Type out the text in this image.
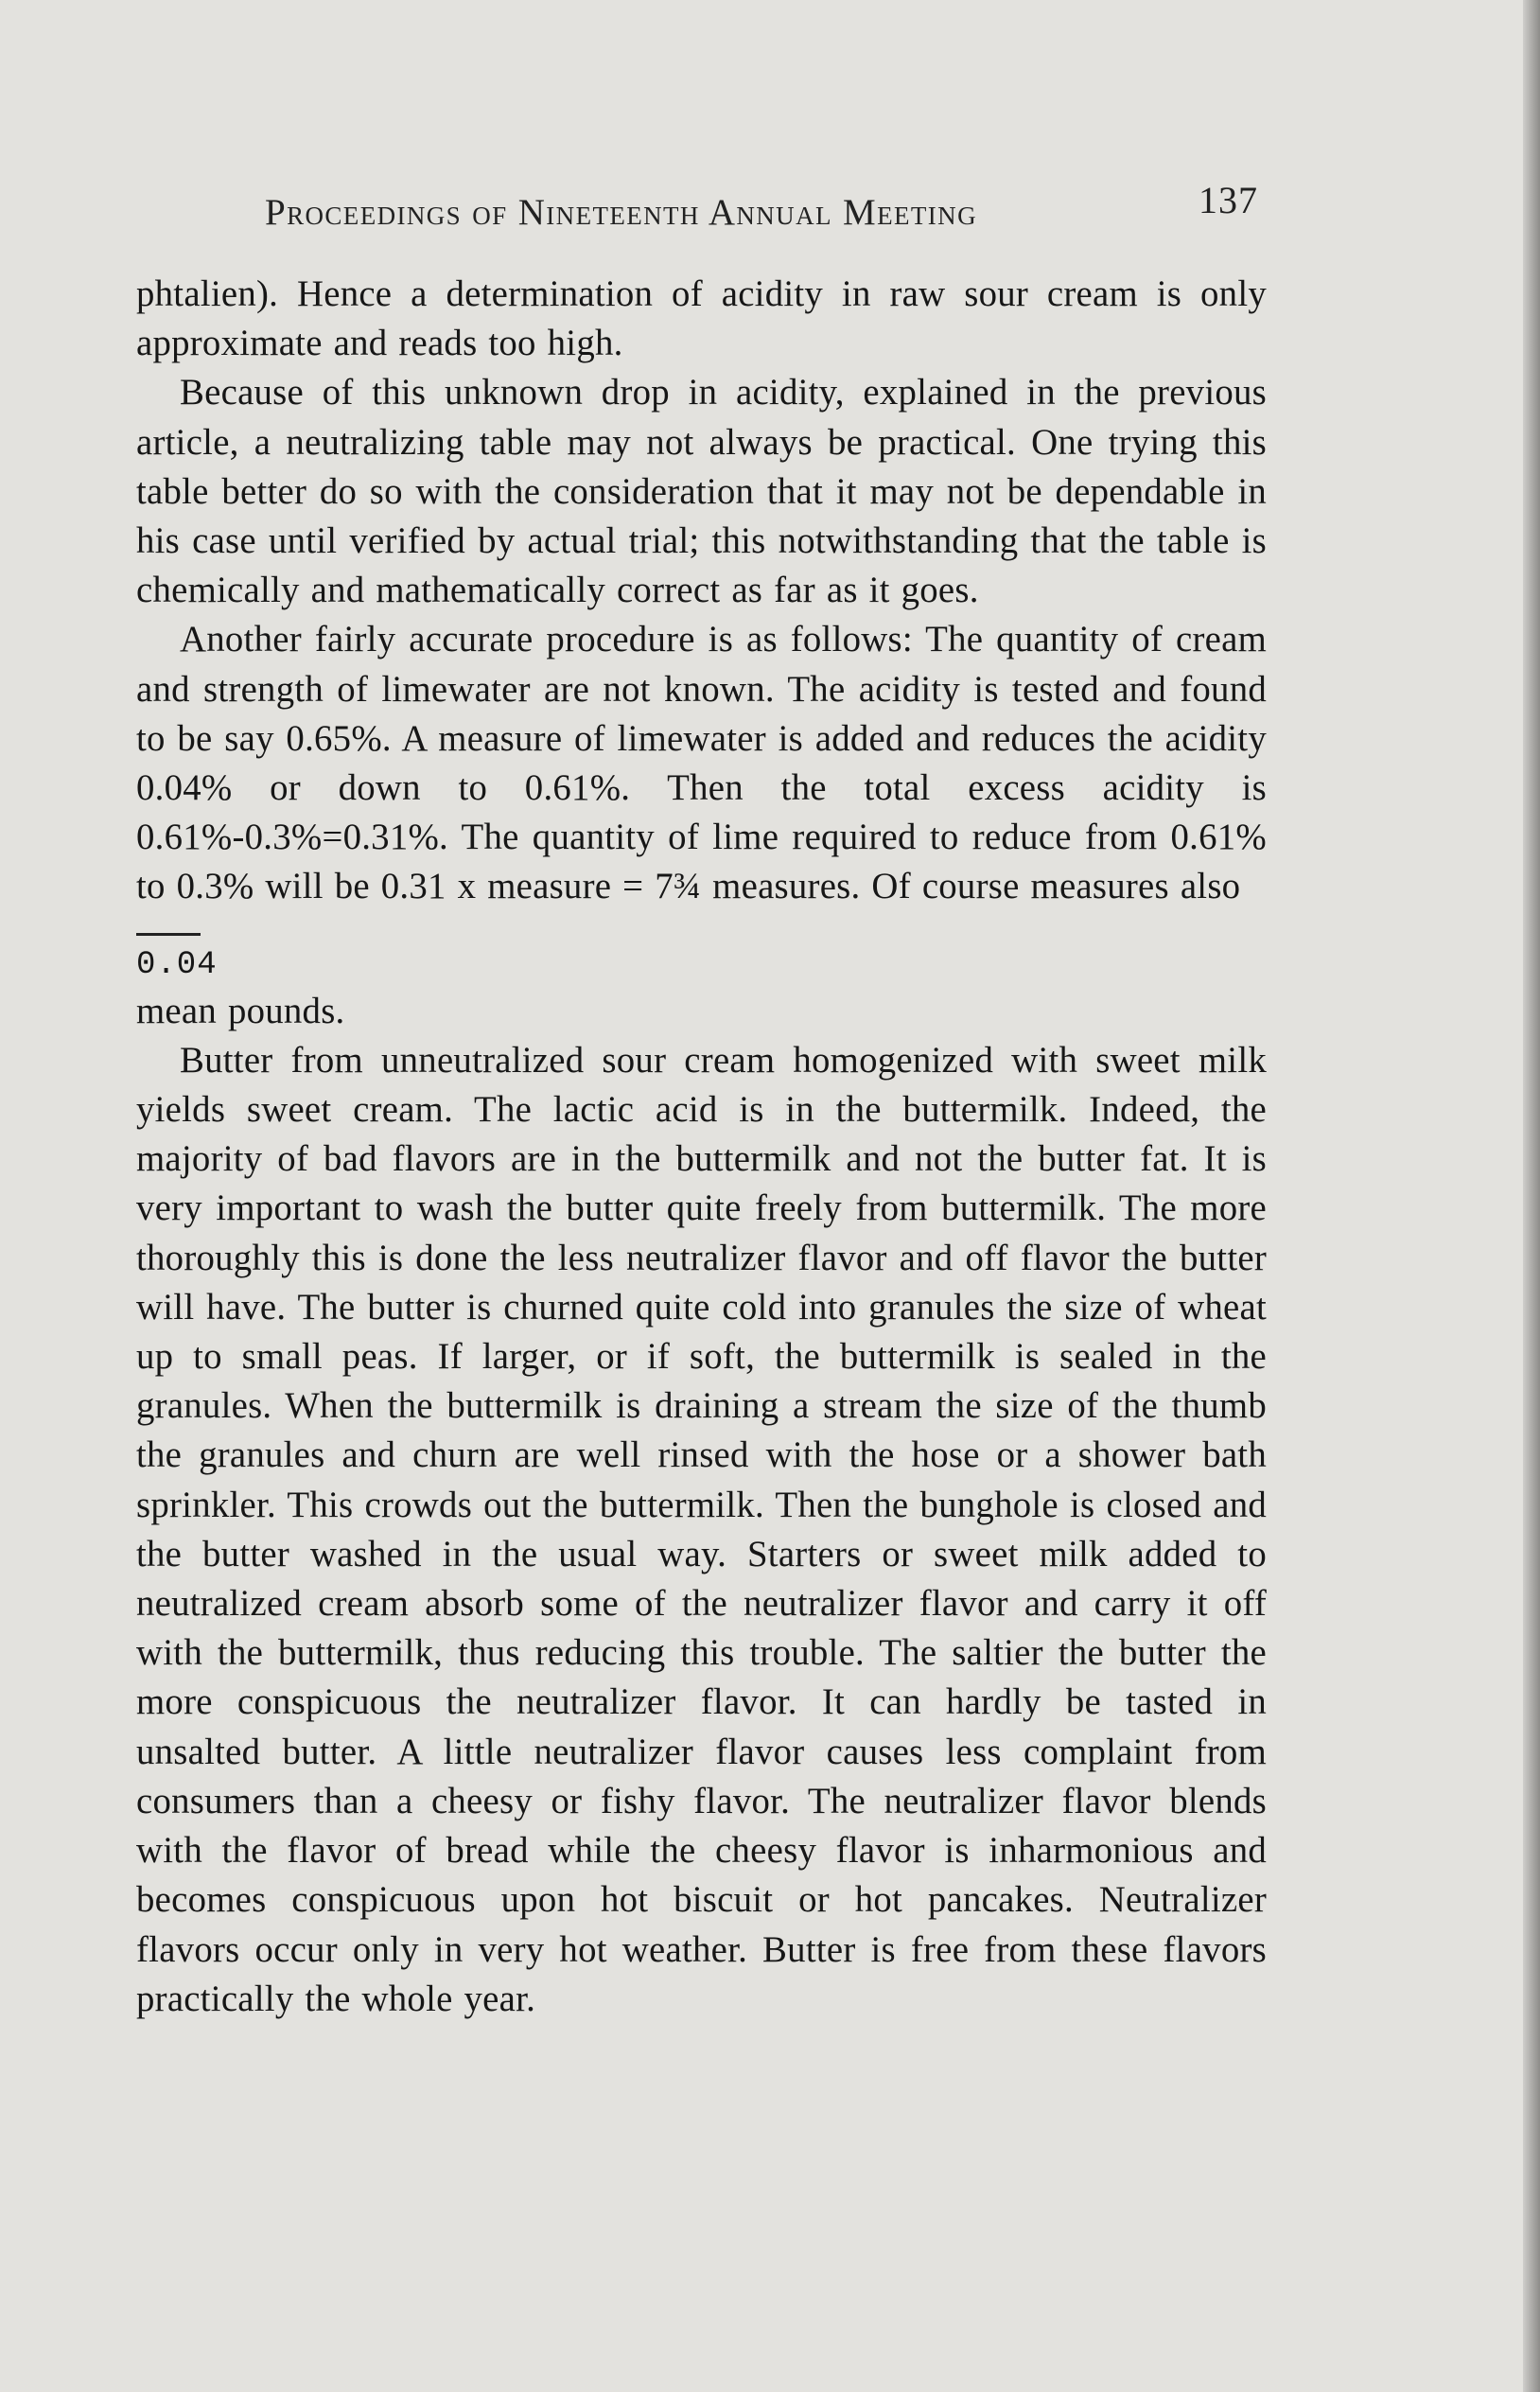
Proceedings of Nineteenth Annual Meeting	137

phtalien). Hence a determination of acidity in raw sour cream is only approximate and reads too high.

Because of this unknown drop in acidity, explained in the previous article, a neutralizing table may not always be practical. One trying this table better do so with the consideration that it may not be dependable in his case until verified by actual trial; this notwithstanding that the table is chemically and mathematically correct as far as it goes.

Another fairly accurate procedure is as follows: The quantity of cream and strength of limewater are not known. The acidity is tested and found to be say 0.65%. A measure of limewater is added and reduces the acidity 0.04% or down to 0.61%. Then the total excess acidity is 0.61%-0.3%=0.31%. The quantity of lime required to reduce from 0.61% to 0.3% will be 0.31 x measure = 7¾ measures. Of course measures also

0.04

mean pounds.

Butter from unneutralized sour cream homogenized with sweet milk yields sweet cream. The lactic acid is in the buttermilk. Indeed, the majority of bad flavors are in the buttermilk and not the butter fat. It is very important to wash the butter quite freely from buttermilk. The more thoroughly this is done the less neutralizer flavor and off flavor the butter will have. The butter is churned quite cold into granules the size of wheat up to small peas. If larger, or if soft, the buttermilk is sealed in the granules. When the buttermilk is draining a stream the size of the thumb the granules and churn are well rinsed with the hose or a shower bath sprinkler. This crowds out the buttermilk. Then the bunghole is closed and the butter washed in the usual way. Starters or sweet milk added to neutralized cream absorb some of the neutralizer flavor and carry it off with the buttermilk, thus reducing this trouble. The saltier the butter the more conspicuous the neutralizer flavor. It can hardly be tasted in unsalted butter. A little neutralizer flavor causes less complaint from consumers than a cheesy or fishy flavor. The neutralizer flavor blends with the flavor of bread while the cheesy flavor is inharmonious and becomes conspicuous upon hot biscuit or hot pancakes. Neutralizer flavors occur only in very hot weather. Butter is free from these flavors practically the whole year.
